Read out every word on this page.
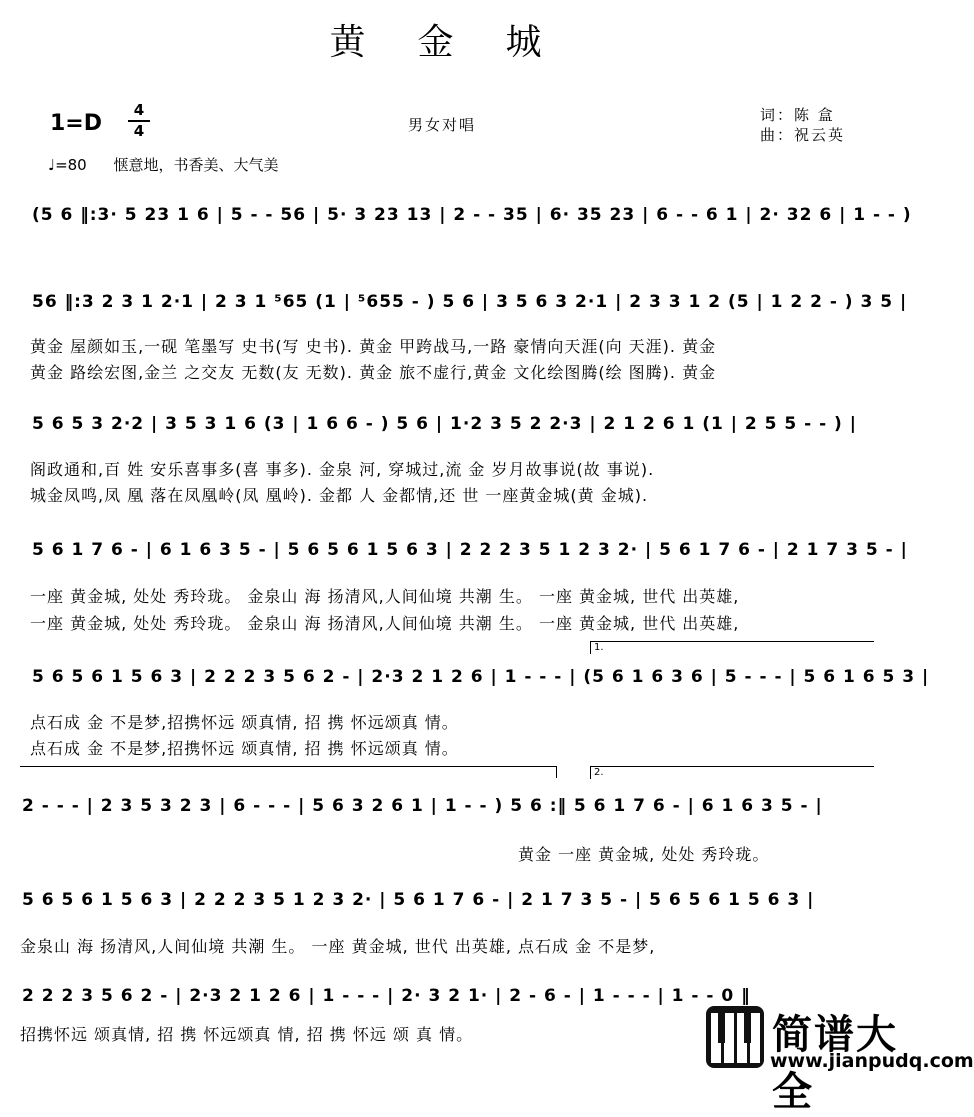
黄金城
1=D
4
4	男女对唱
词：陈 盒
曲：祝云英
♩=80 惬意地，书香美、大气美
(5 6 ‖:3· 5 23 1 6 | 5 - - 56 | 5· 3 23 13 | 2 - - 35 | 6· 35 23 | 6 - - 6 1 | 2· 32 6 | 1 - - )
56 ‖:3 2 3 1 2·1 | 2 3 1 ⁵65 (1 | ⁵655 - ) 5 6 | 3 5 6 3 2·1 | 2 3 3 1 2 (5 | 1 2 2 - ) 3 5 |
黄金 屋颜如玉,一砚 笔墨写 史书(写 史书). 黄金 甲跨战马,一路 豪情向天涯(向 天涯). 黄金
黄金 路绘宏图,金兰 之交友 无数(友 无数). 黄金 旅不虚行,黄金 文化绘图腾(绘 图腾). 黄金
5 6 5 3 2·2 | 3 5 3 1 6 (3 | 1 6 6 - ) 5 6 | 1·2 3 5 2 2·3 | 2 1 2 6 1 (1 | 2 5 5 - - ) |
阁政通和,百 姓 安乐喜事多(喜 事多). 金泉 河, 穿城过,流 金 岁月故事说(故 事说).
城金凤鸣,凤 凰 落在凤凰岭(凤 凰岭). 金都 人 金都情,还 世 一座黄金城(黄 金城).
5 6 1 7 6 - | 6 1 6 3 5 - | 5 6 5 6 1 5 6 3 | 2 2 2 3 5 1 2 3 2· | 5 6 1 7 6 - | 2 1 7 3 5 - |
一座 黄金城, 处处 秀玲珑。 金泉山 海 扬清风,人间仙境 共潮 生。 一座 黄金城, 世代 出英雄,
一座 黄金城, 处处 秀玲珑。 金泉山 海 扬清风,人间仙境 共潮 生。 一座 黄金城, 世代 出英雄,
1.
5 6 5 6 1 5 6 3 | 2 2 2 3 5 6 2 - | 2·3 2 1 2 6 | 1 - - - | (5 6 1 6 3 6 | 5 - - - | 5 6 1 6 5 3 |
点石成 金 不是梦,招携怀远 颂真情, 招 携 怀远颂真 情。
点石成 金 不是梦,招携怀远 颂真情, 招 携 怀远颂真 情。
2.
2 - - - | 2 3 5 3 2 3 | 6 - - - | 5 6 3 2 6 1 | 1 - - ) 5 6 :‖ 5 6 1 7 6 - | 6 1 6 3 5 - |
黄金 一座 黄金城, 处处 秀玲珑。
5 6 5 6 1 5 6 3 | 2 2 2 3 5 1 2 3 2· | 5 6 1 7 6 - | 2 1 7 3 5 - | 5 6 5 6 1 5 6 3 |
金泉山 海 扬清风,人间仙境 共潮 生。 一座 黄金城, 世代 出英雄, 点石成 金 不是梦,
2 2 2 3 5 6 2 - | 2·3 2 1 2 6 | 1 - - - | 2· 3 2 1· | 2 - 6 - | 1 - - - | 1 - - 0 ‖
招携怀远 颂真情, 招 携 怀远颂真 情, 招 携 怀远 颂 真 情。	简谱大全
www.jianpudq.com
